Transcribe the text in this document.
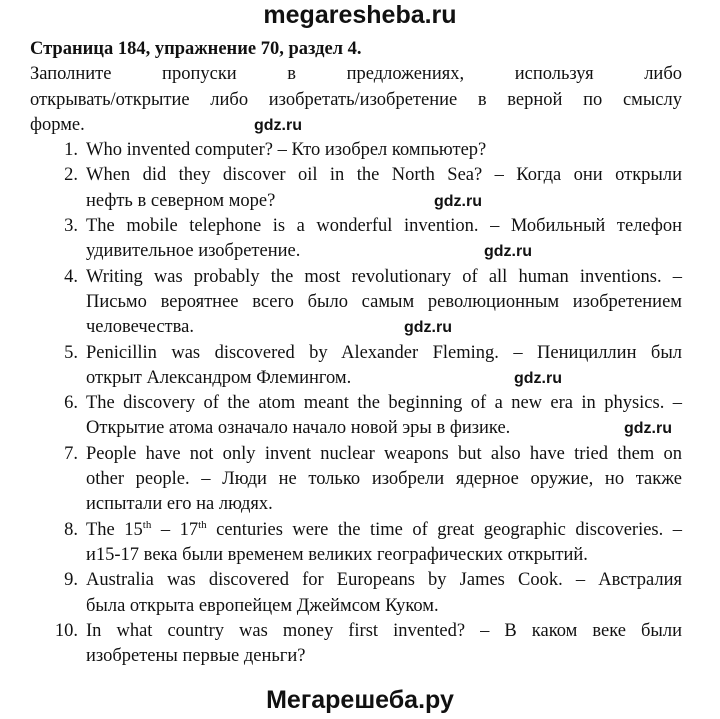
megaresheba.ru
Страница 184, упражнение 70, раздел 4.
Заполните пропуски в предложениях, используя либо
открывать/открытие либо изобретать/изобретение в верной по смыслу
форме.	gdz.ru
1. Who invented computer? – Кто изобрел компьютер?
2. When did they discover oil in the North Sea? – Когда они открыли
нефть в северном море?	gdz.ru
3. The mobile telephone is a wonderful invention. – Мобильный телефон
удивительное изобретение.	gdz.ru
4. Writing was probably the most revolutionary of all human inventions. –
Письмо вероятнее всего было самым революционным изобретением
человечества.	gdz.ru
5. Penicillin was discovered by Alexander Fleming. – Пенициллин был
открыт Александром Флемингом.	gdz.ru
6. The discovery of the atom meant the beginning of a new era in physics. –
Открытие атома означало начало новой эры в физике.	gdz.ru
7. People have not only invent nuclear weapons but also have tried them on
other people. – Люди не только изобрели ядерное оружие, но также
испытали его на людях.
8. The 15th – 17th centuries were the time of great geographic discoveries. –
и15-17 века были временем великих географических открытий.
9. Australia was discovered for Europeans by James Cook. – Австралия
была открыта европейцем Джеймсом Куком.
10. In what country was money first invented? – В каком веке были
изобретены первые деньги?
Мегарешеба.ру
